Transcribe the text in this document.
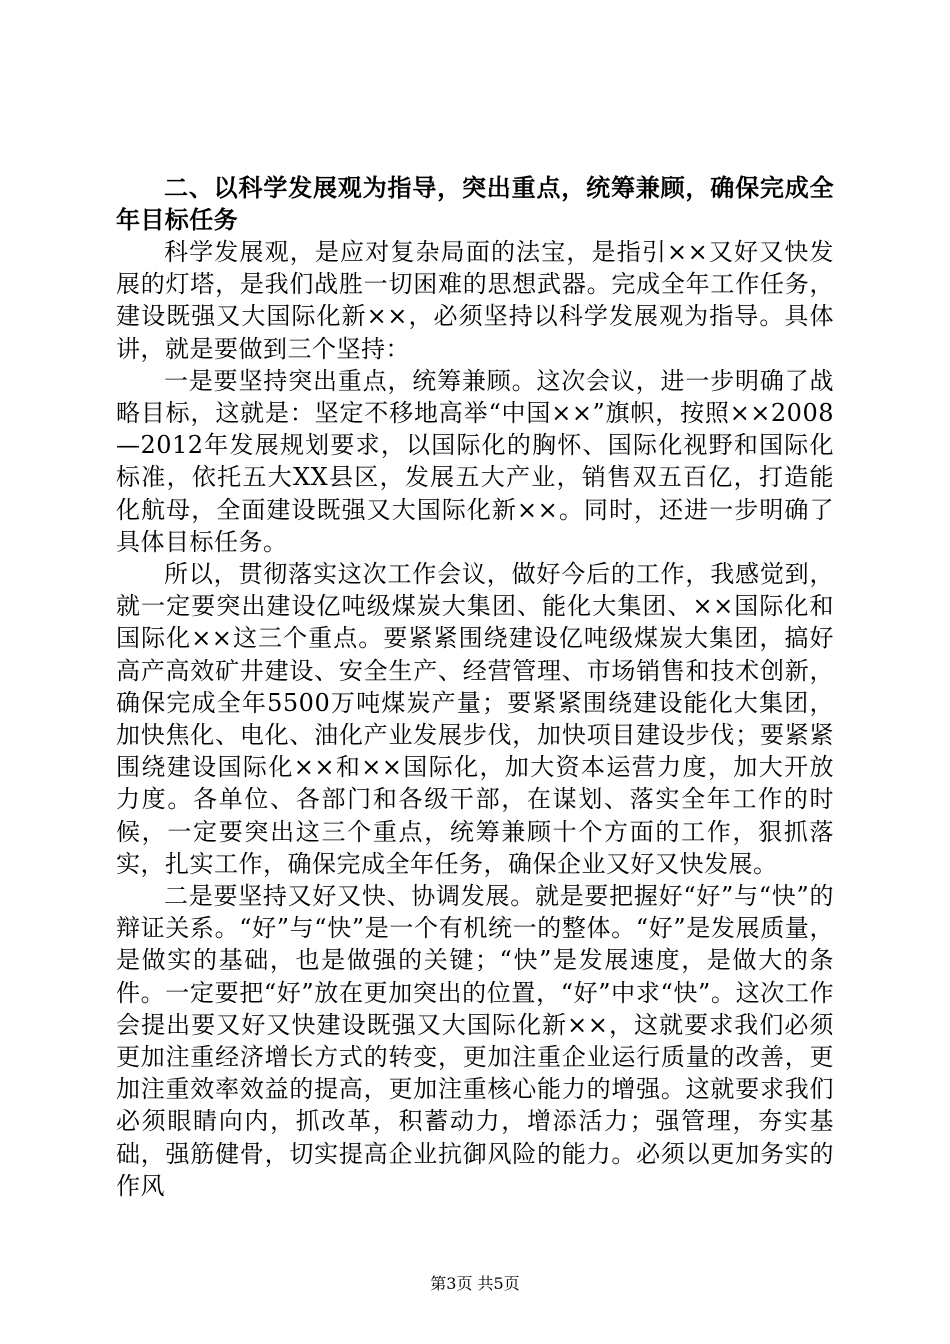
二、以科学发展观为指导，突出重点，统筹兼顾，确保完成全年目标任务

科学发展观，是应对复杂局面的法宝，是指引××又好又快发展的灯塔，是我们战胜一切困难的思想武器。完成全年工作任务，建设既强又大国际化新××，必须坚持以科学发展观为指导。具体讲，就是要做到三个坚持：

一是要坚持突出重点，统筹兼顾。这次会议，进一步明确了战略目标，这就是：坚定不移地高举“中国××”旗帜，按照××2008—2012年发展规划要求，以国际化的胸怀、国际化视野和国际化标准，依托五大XX县区，发展五大产业，销售双五百亿，打造能化航母，全面建设既强又大国际化新××。同时，还进一步明确了具体目标任务。

所以，贯彻落实这次工作会议，做好今后的工作，我感觉到，就一定要突出建设亿吨级煤炭大集团、能化大集团、××国际化和国际化××这三个重点。要紧紧围绕建设亿吨级煤炭大集团，搞好高产高效矿井建设、安全生产、经营管理、市场销售和技术创新，确保完成全年5500万吨煤炭产量；要紧紧围绕建设能化大集团，加快焦化、电化、油化产业发展步伐，加快项目建设步伐；要紧紧围绕建设国际化××和××国际化，加大资本运营力度，加大开放力度。各单位、各部门和各级干部，在谋划、落实全年工作的时候，一定要突出这三个重点，统筹兼顾十个方面的工作，狠抓落实，扎实工作，确保完成全年任务，确保企业又好又快发展。

二是要坚持又好又快、协调发展。就是要把握好“好”与“快”的辩证关系。“好”与“快”是一个有机统一的整体。“好”是发展质量，是做实的基础，也是做强的关键；“快”是发展速度，是做大的条件。一定要把“好”放在更加突出的位置，“好”中求“快”。这次工作会提出要又好又快建设既强又大国际化新××，这就要求我们必须更加注重经济增长方式的转变，更加注重企业运行质量的改善，更加注重效率效益的提高，更加注重核心能力的增强。这就要求我们必须眼睛向内，抓改革，积蓄动力，增添活力；强管理，夯实基础，强筋健骨，切实提高企业抗御风险的能力。必须以更加务实的作风

第3页 共5页
